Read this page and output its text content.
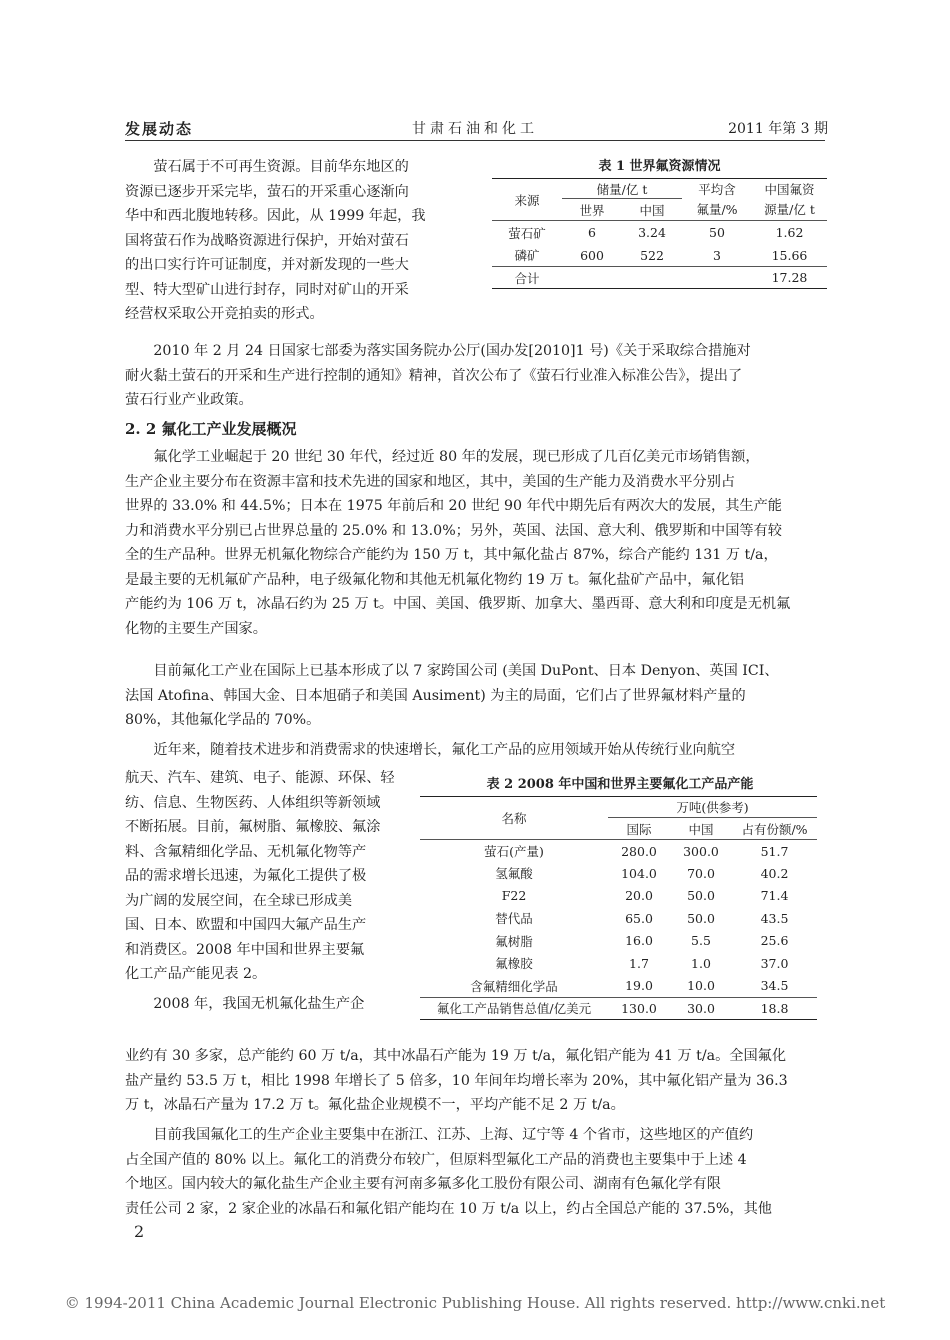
发展动态	甘肃石油和化工	2011 年第 3 期
萤石属于不可再生资源。目前华东地区的
资源已逐步开采完毕，萤石的开采重心逐渐向
华中和西北腹地转移。因此，从 1999 年起，我
国将萤石作为战略资源进行保护，开始对萤石
的出口实行许可证制度，并对新发现的一些大
型、特大型矿山进行封存，同时对矿山的开采
经营权采取公开竞拍卖的形式。
表 1 世界氟资源情况
来源	储量/亿 t		平均含	中国氟资
	世界	中国	氟量/%	源量/亿 t
萤石矿	6	3.24	50	1.62
磷矿	600	522	3	15.66
合计				17.28
2010 年 2 月 24 日国家七部委为落实国务院办公厅(国办发[2010]1 号)《关于采取综合措施对
耐火黏土萤石的开采和生产进行控制的通知》精神，首次公布了《萤石行业准入标准公告》，提出了
萤石行业产业政策。
2. 2 氟化工产业发展概况
氟化学工业崛起于 20 世纪 30 年代，经过近 80 年的发展，现已形成了几百亿美元市场销售额，
生产企业主要分布在资源丰富和技术先进的国家和地区，其中，美国的生产能力及消费水平分别占
世界的 33.0% 和 44.5%；日本在 1975 年前后和 20 世纪 90 年代中期先后有两次大的发展，其生产能
力和消费水平分别已占世界总量的 25.0% 和 13.0%；另外，英国、法国、意大利、俄罗斯和中国等有较
全的生产品种。世界无机氟化物综合产能约为 150 万 t，其中氟化盐占 87%，综合产能约 131 万 t/a，
是最主要的无机氟矿产品种，电子级氟化物和其他无机氟化物约 19 万 t。氟化盐矿产品中，氟化铝
产能约为 106 万 t，冰晶石约为 25 万 t。中国、美国、俄罗斯、加拿大、墨西哥、意大利和印度是无机氟
化物的主要生产国家。
目前氟化工产业在国际上已基本形成了以 7 家跨国公司 (美国 DuPont、日本 Denyon、英国 ICI、
法国 Atofina、韩国大金、日本旭硝子和美国 Ausiment) 为主的局面，它们占了世界氟材料产量的
80%，其他氟化学品的 70%。
近年来，随着技术进步和消费需求的快速增长，氟化工产品的应用领域开始从传统行业向航空
航天、汽车、建筑、电子、能源、环保、轻
纺、信息、生物医药、人体组织等新领域
不断拓展。目前，氟树脂、氟橡胶、氟涂
料、含氟精细化学品、无机氟化物等产
品的需求增长迅速，为氟化工提供了极
为广阔的发展空间，在全球已形成美
国、日本、欧盟和中国四大氟产品生产
和消费区。2008 年中国和世界主要氟
化工产品产能见表 2。
2008 年，我国无机氟化盐生产企
表 2 2008 年中国和世界主要氟化工产品产能
名称	万吨(供参考)		
	国际	中国	占有份额/%
萤石(产量)	280.0	300.0	51.7
氢氟酸	104.0	70.0	40.2
F22	20.0	50.0	71.4
替代品	65.0	50.0	43.5
氟树脂	16.0	5.5	25.6
氟橡胶	1.7	1.0	37.0
含氟精细化学品	19.0	10.0	34.5
氟化工产品销售总值/亿美元	130.0	30.0	18.8
业约有 30 多家，总产能约 60 万 t/a，其中冰晶石产能为 19 万 t/a，氟化铝产能为 41 万 t/a。全国氟化
盐产量约 53.5 万 t，相比 1998 年增长了 5 倍多，10 年间年均增长率为 20%，其中氟化铝产量为 36.3
万 t，冰晶石产量为 17.2 万 t。氟化盐企业规模不一，平均产能不足 2 万 t/a。
目前我国氟化工的生产企业主要集中在浙江、江苏、上海、辽宁等 4 个省市，这些地区的产值约
占全国产值的 80% 以上。氟化工的消费分布较广，但原料型氟化工产品的消费也主要集中于上述 4
个地区。国内较大的氟化盐生产企业主要有河南多氟多化工股份有限公司、湖南有色氟化学有限
责任公司 2 家，2 家企业的冰晶石和氟化铝产能均在 10 万 t/a 以上，约占全国总产能的 37.5%，其他
2
© 1994-2011 China Academic Journal Electronic Publishing House. All rights reserved. http://www.cnki.net
